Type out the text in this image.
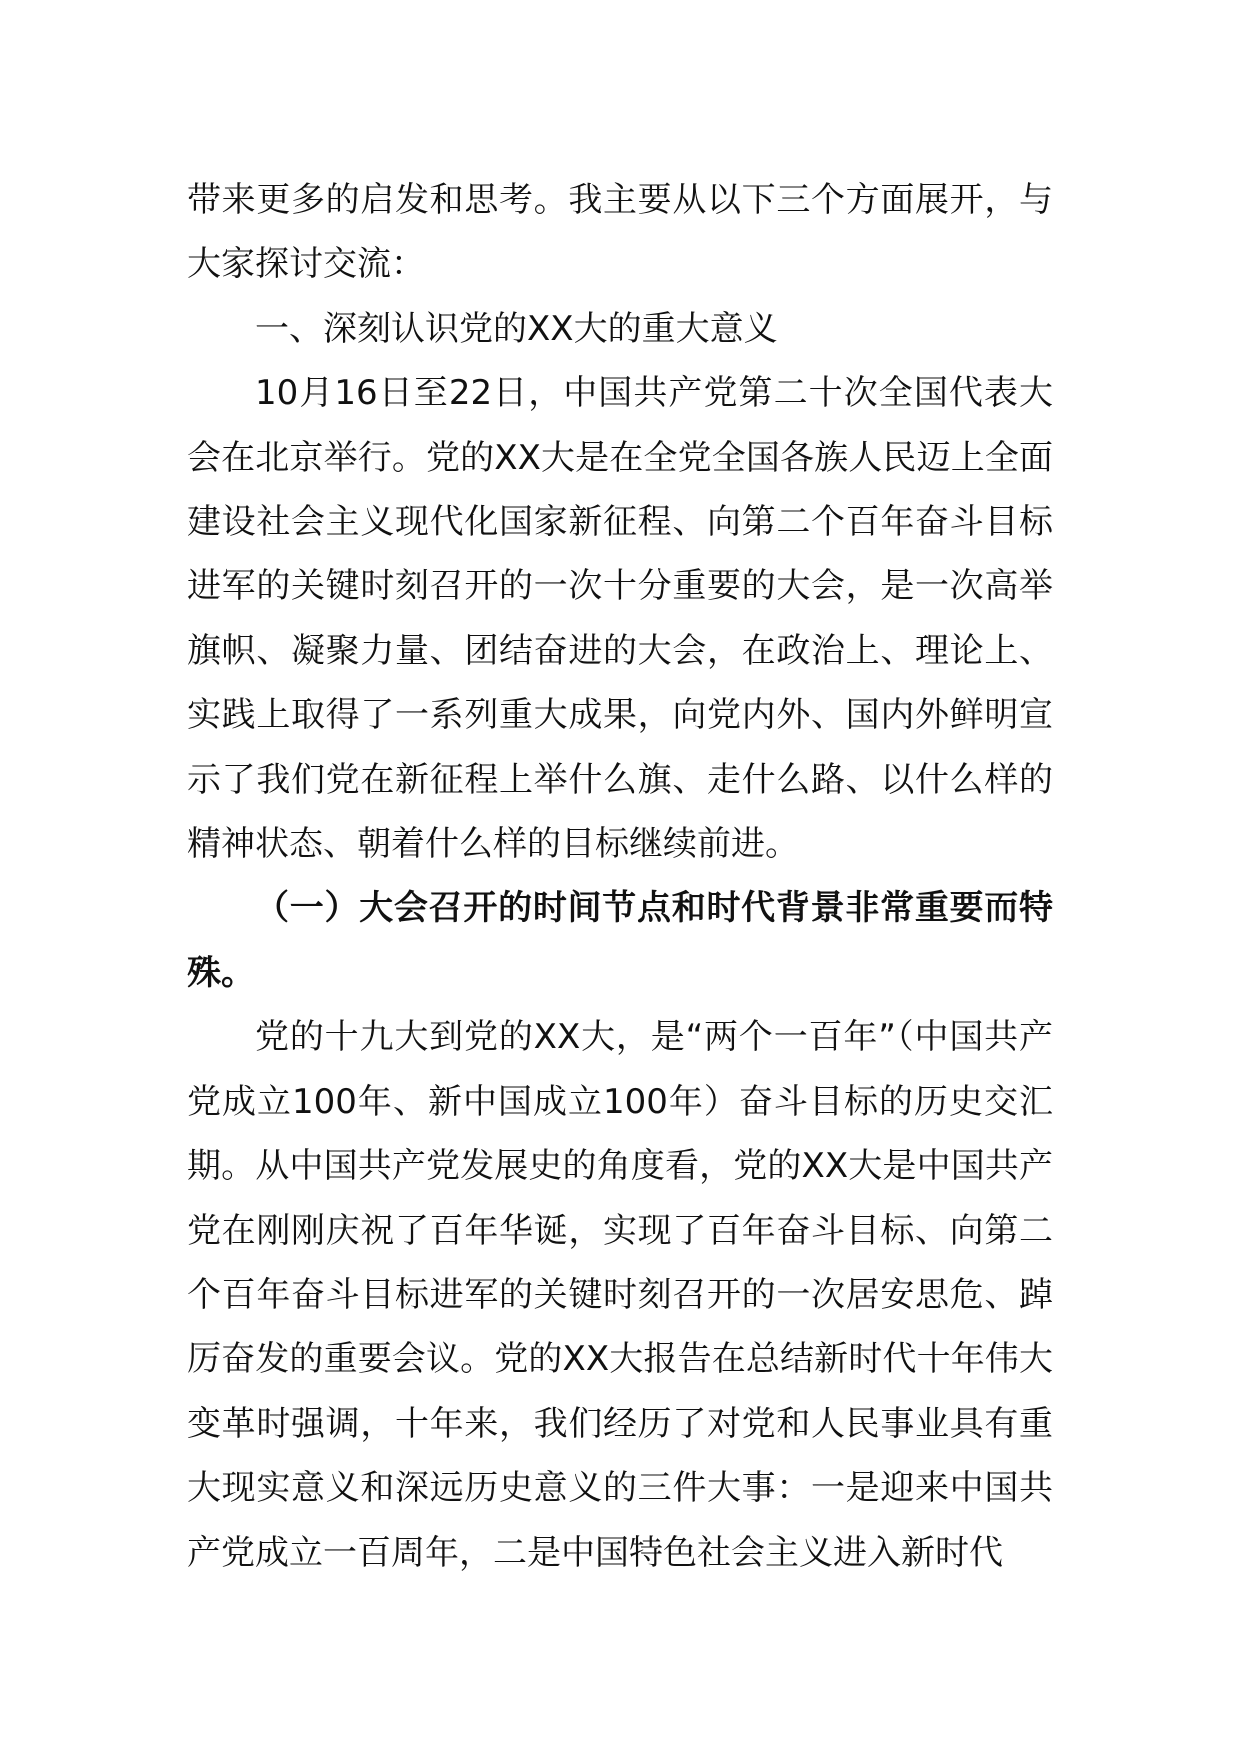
带来更多的启发和思考。我主要从以下三个方面展开，与大家探讨交流：

一、深刻认识党的XX大的重大意义

10月16日至22日，中国共产党第二十次全国代表大会在北京举行。党的XX大是在全党全国各族人民迈上全面建设社会主义现代化国家新征程、向第二个百年奋斗目标进军的关键时刻召开的一次十分重要的大会，是一次高举旗帜、凝聚力量、团结奋进的大会，在政治上、理论上、实践上取得了一系列重大成果，向党内外、国内外鲜明宣示了我们党在新征程上举什么旗、走什么路、以什么样的精神状态、朝着什么样的目标继续前进。

（一）大会召开的时间节点和时代背景非常重要而特殊。

党的十九大到党的XX大，是“两个一百年”（中国共产党成立100年、新中国成立100年）奋斗目标的历史交汇期。从中国共产党发展史的角度看，党的XX大是中国共产党在刚刚庆祝了百年华诞，实现了百年奋斗目标、向第二个百年奋斗目标进军的关键时刻召开的一次居安思危、踔厉奋发的重要会议。党的XX大报告在总结新时代十年伟大变革时强调，十年来，我们经历了对党和人民事业具有重大现实意义和深远历史意义的三件大事：一是迎来中国共产党成立一百周年，二是中国特色社会主义进入新时代
